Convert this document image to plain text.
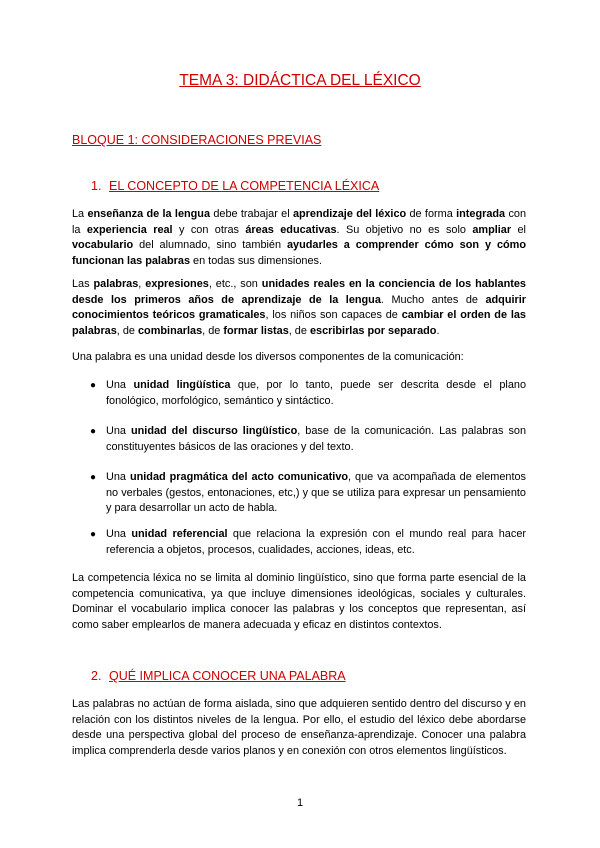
TEMA 3: DIDÁCTICA DEL LÉXICO
BLOQUE 1: CONSIDERACIONES PREVIAS
1. EL CONCEPTO DE LA COMPETENCIA LÉXICA

La enseñanza de la lengua debe trabajar el aprendizaje del léxico de forma integrada con la experiencia real y con otras áreas educativas. Su objetivo no es solo ampliar el vocabulario del alumnado, sino también ayudarles a comprender cómo son y cómo funcionan las palabras en todas sus dimensiones.

Las palabras, expresiones, etc., son unidades reales en la conciencia de los hablantes desde los primeros años de aprendizaje de la lengua. Mucho antes de adquirir conocimientos teóricos gramaticales, los niños son capaces de cambiar el orden de las palabras, de combinarlas, de formar listas, de escribirlas por separado.

Una palabra es una unidad desde los diversos componentes de la comunicación:

● Una unidad lingüística que, por lo tanto, puede ser descrita desde el plano fonológico, morfológico, semántico y sintáctico.

● Una unidad del discurso lingüístico, base de la comunicación. Las palabras son constituyentes básicos de las oraciones y del texto.

● Una unidad pragmática del acto comunicativo, que va acompañada de elementos no verbales (gestos, entonaciones, etc,) y que se utiliza para expresar un pensamiento y para desarrollar un acto de habla.

● Una unidad referencial que relaciona la expresión con el mundo real para hacer referencia a objetos, procesos, cualidades, acciones, ideas, etc.

La competencia léxica no se limita al dominio lingüístico, sino que forma parte esencial de la competencia comunicativa, ya que incluye dimensiones ideológicas, sociales y culturales. Dominar el vocabulario implica conocer las palabras y los conceptos que representan, así como saber emplearlos de manera adecuada y eficaz en distintos contextos.

2. QUÉ IMPLICA CONOCER UNA PALABRA

Las palabras no actúan de forma aislada, sino que adquieren sentido dentro del discurso y en relación con los distintos niveles de la lengua. Por ello, el estudio del léxico debe abordarse desde una perspectiva global del proceso de enseñanza-aprendizaje. Conocer una palabra implica comprenderla desde varios planos y en conexión con otros elementos lingüísticos.

1
